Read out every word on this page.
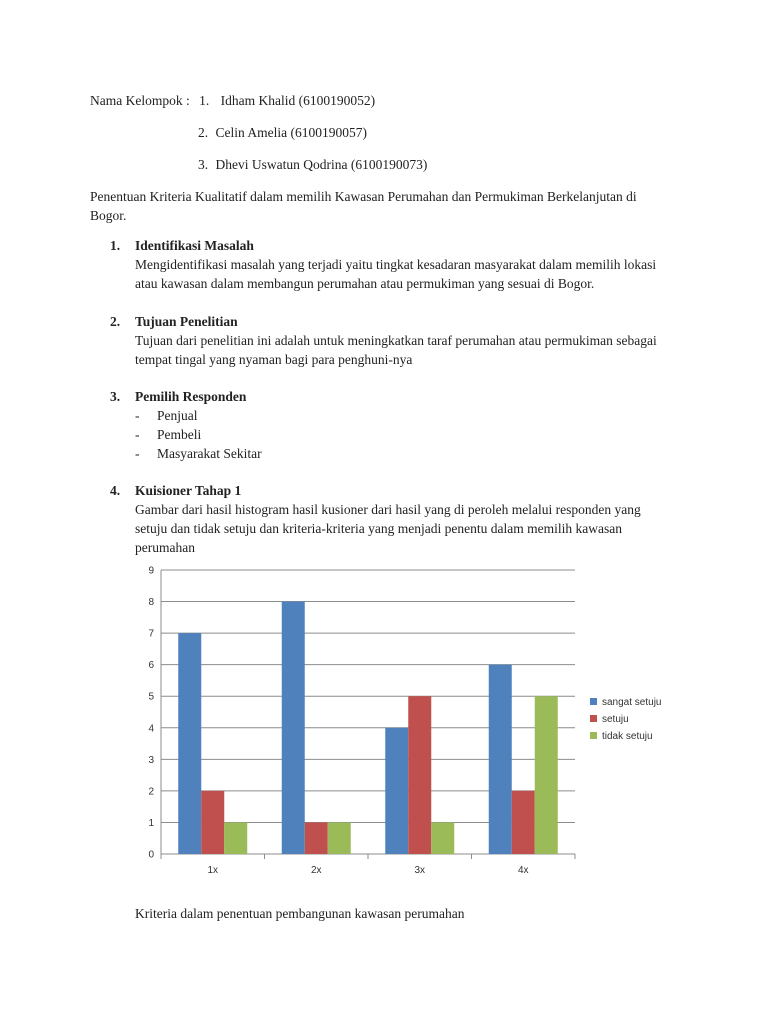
Nama Kelompok : 1. Idham Khalid (6100190052)
2. Celin Amelia (6100190057)
3. Dhevi Uswatun Qodrina (6100190073)
Penentuan Kriteria Kualitatif dalam memilih Kawasan Perumahan dan Permukiman Berkelanjutan di Bogor.
1.	Identifikasi Masalah
Mengidentifikasi masalah yang terjadi yaitu tingkat kesadaran masyarakat dalam memilih lokasi atau kawasan dalam membangun perumahan atau permukiman yang sesuai di Bogor.
2.	Tujuan Penelitian
Tujuan dari penelitian ini adalah untuk meningkatkan taraf perumahan atau permukiman sebagai tempat tingal yang nyaman bagi para penghuni-nya
3.	Pemilih Responden
-	Penjual
-	Pembeli
-	Masyarakat Sekitar
4.	Kuisioner Tahap 1
Gambar dari hasil histogram hasil kusioner dari hasil yang di peroleh melalui responden yang setuju dan tidak setuju dan kriteria-kriteria yang menjadi penentu dalam memilih kawasan perumahan
0
1
2
3
4
5
6
7
8
9
1x	2x	3x	4x
sangat setuju
setuju
tidak setuju
Kriteria dalam penentuan pembangunan kawasan perumahan
